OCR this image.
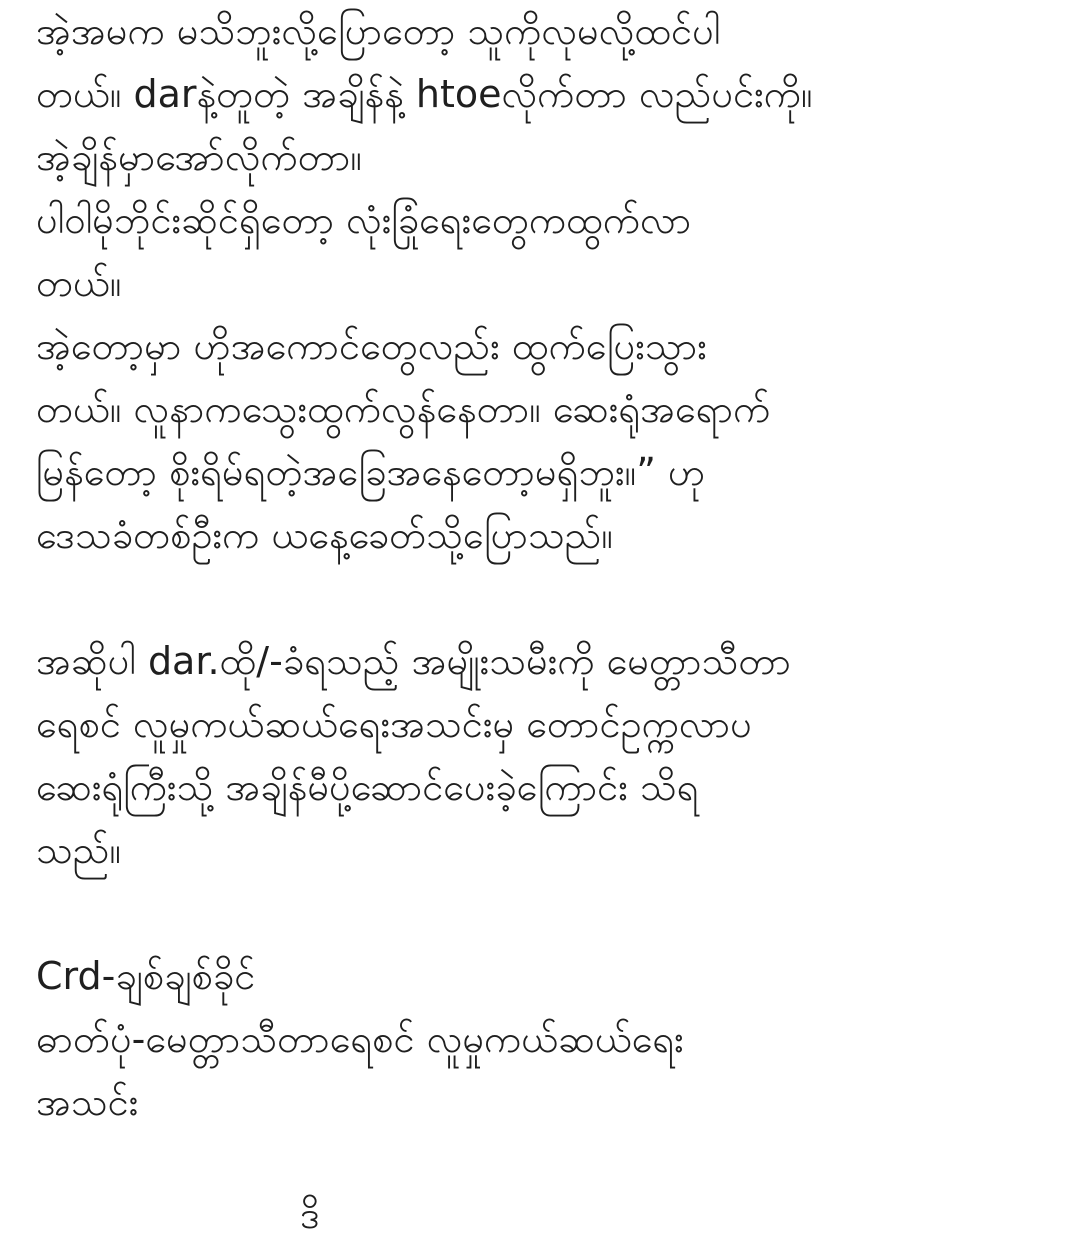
အဲ့အမက မသိဘူးလို့ပြောတော့ သူကိုလုမလို့ထင်ပါ
တယ်။ darနဲ့တူတဲ့ အချိန်နဲ့ htoeလိုက်တာ လည်ပင်းကို။
အဲ့ချိန်မှာအော်လိုက်တာ။
ပါဝါမိုဘိုင်းဆိုင်ရှိတော့ လုံးခြုံရေးတွေကထွက်လာ
တယ်။
အဲ့တော့မှာ ဟိုအကောင်တွေလည်း ထွက်ပြေးသွား
တယ်။ လူနာကသွေးထွက်လွန်နေတာ။ ဆေးရုံအရောက်
မြန်တော့ စိုးရိမ်ရတဲ့အခြေအနေတော့မရှိဘူး။” ဟု
ဒေသခံတစ်ဦးက ယနေ့ခေတ်သို့ပြောသည်။
အဆိုပါ dar.ထို/-ခံရသည့် အမျိုးသမီးကို မေတ္တာသီတာ
ရေစင် လူမှုကယ်ဆယ်ရေးအသင်းမှ တောင်ဥက္ကလာပ
ဆေးရုံကြီးသို့ အချိန်မီပို့ဆောင်ပေးခဲ့ကြောင်း သိရ
သည်။
Crd-ချစ်ချစ်ခိုင်
ဓာတ်ပုံ-မေတ္တာသီတာရေစင် လူမှုကယ်ဆယ်ရေး
အသင်း
ဒိ
